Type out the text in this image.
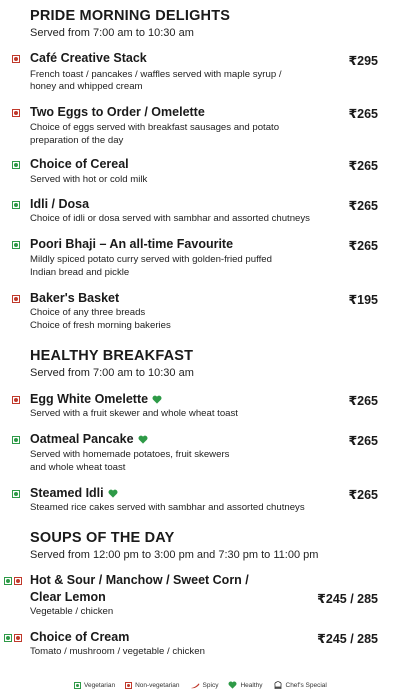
PRIDE MORNING DELIGHTS
Served from 7:00 am to 10:30 am
Café Creative Stack	₹295
French toast / pancakes / waffles served with maple syrup /
honey and whipped cream
Two Eggs to Order / Omelette	₹265
Choice of eggs served with breakfast sausages and potato
preparation of the day
Choice of Cereal	₹265
Served with hot or cold milk
Idli / Dosa	₹265
Choice of idli or dosa served with sambhar and assorted chutneys
Poori Bhaji – An all-time Favourite	₹265
Mildly spiced potato curry served with golden-fried puffed
Indian bread and pickle
Baker's Basket	₹195
Choice of any three breads
Choice of fresh morning bakeries
HEALTHY BREAKFAST
Served from 7:00 am to 10:30 am
Egg White Omelette	₹265
Served with a fruit skewer and whole wheat toast
Oatmeal Pancake	₹265
Served with homemade potatoes, fruit skewers
and whole wheat toast
Steamed Idli	₹265
Steamed rice cakes served with sambhar and assorted chutneys
SOUPS OF THE DAY
Served from 12:00 pm to 3:00 pm and 7:30 pm to 11:00 pm
Hot & Sour / Manchow / Sweet Corn /
Clear Lemon	₹245 / 285
Vegetable / chicken
Choice of Cream	₹245 / 285
Tomato / mushroom / vegetable / chicken
Vegetarian	Non-vegetarian	Spicy	Healthy	Chef's Special
